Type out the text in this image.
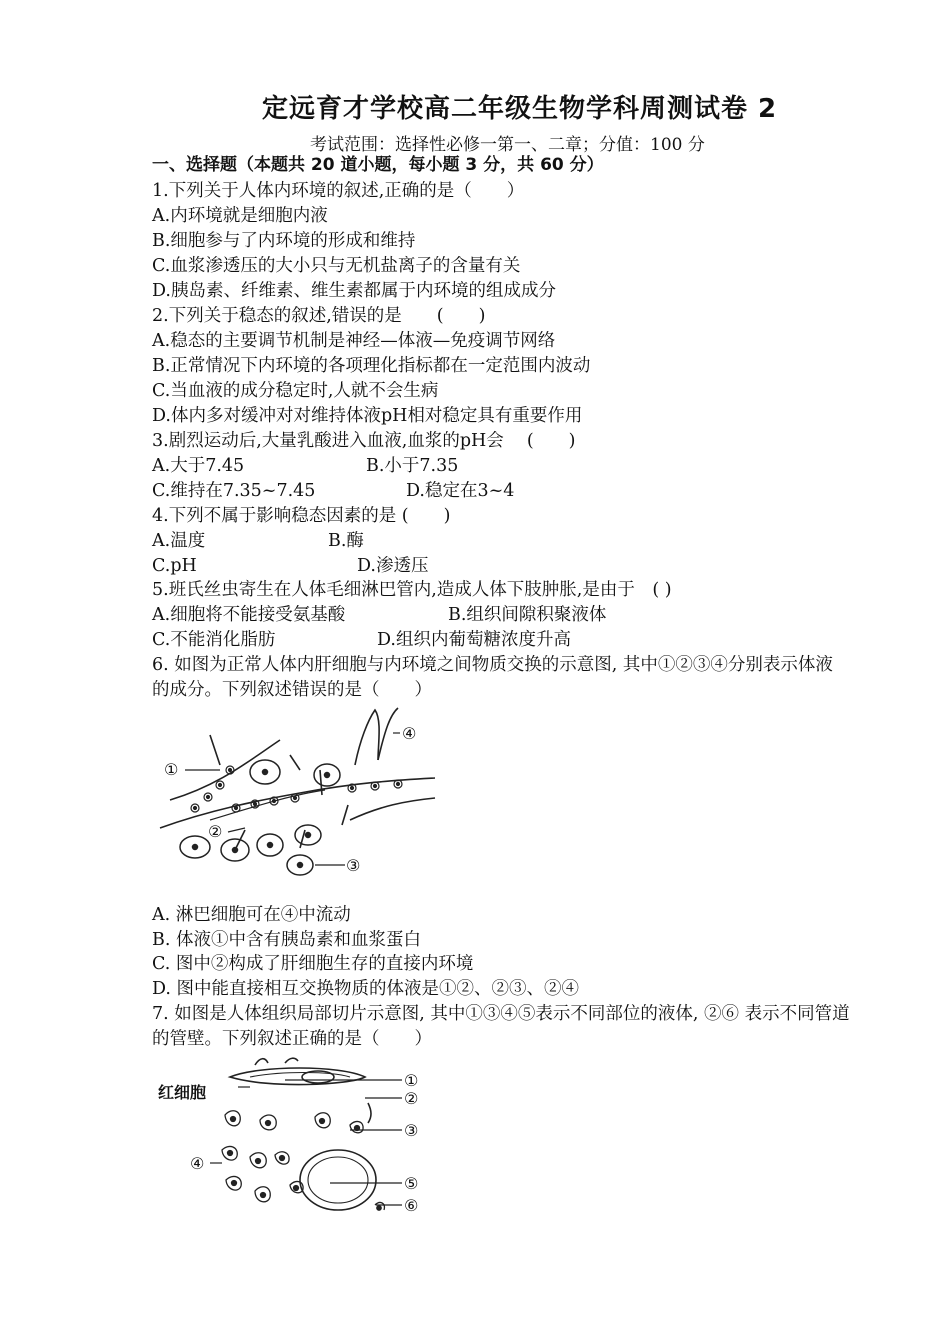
定远育才学校高二年级生物学科周测试卷 2
考试范围：选择性必修一第一、二章；分值：100 分
一、选择题（本题共 20 道小题，每小题 3 分，共 60 分）
1.下列关于人体内环境的叙述,正确的是（　　）
A.内环境就是细胞内液
B.细胞参与了内环境的形成和维持
C.血浆渗透压的大小只与无机盐离子的含量有关
D.胰岛素、纤维素、维生素都属于内环境的组成成分
2.下列关于稳态的叙述,错误的是　　(　　)
A.稳态的主要调节机制是神经—体液—免疫调节网络
B.正常情况下内环境的各项理化指标都在一定范围内波动
C.当血液的成分稳定时,人就不会生病
D.体内多对缓冲对对维持体液pH相对稳定具有重要作用
3.剧烈运动后,大量乳酸进入血液,血浆的pH会　 (　　)
A.大于7.45	B.小于7.35
C.维持在7.35~7.45	D.稳定在3~4
4.下列不属于影响稳态因素的是 (　　)
A.温度	B.酶
C.pH	D.渗透压
5.班氏丝虫寄生在人体毛细淋巴管内,造成人体下肢肿胀,是由于　( )
A.细胞将不能接受氨基酸	B.组织间隙积聚液体
C.不能消化脂肪	D.组织内葡萄糖浓度升高
6. 如图为正常人体内肝细胞与内环境之间物质交换的示意图, 其中①②③④分别表示体液
的成分。下列叙述错误的是（　　）
①
②
③
④
A. 淋巴细胞可在④中流动
B. 体液①中含有胰岛素和血浆蛋白
C. 图中②构成了肝细胞生存的直接内环境
D. 图中能直接相互交换物质的体液是①②、②③、②④
7. 如图是人体组织局部切片示意图, 其中①③④⑤表示不同部位的液体, ②⑥ 表示不同管道
的管壁。下列叙述正确的是（　　）
红细胞
①
②
③
④
⑤
⑥
